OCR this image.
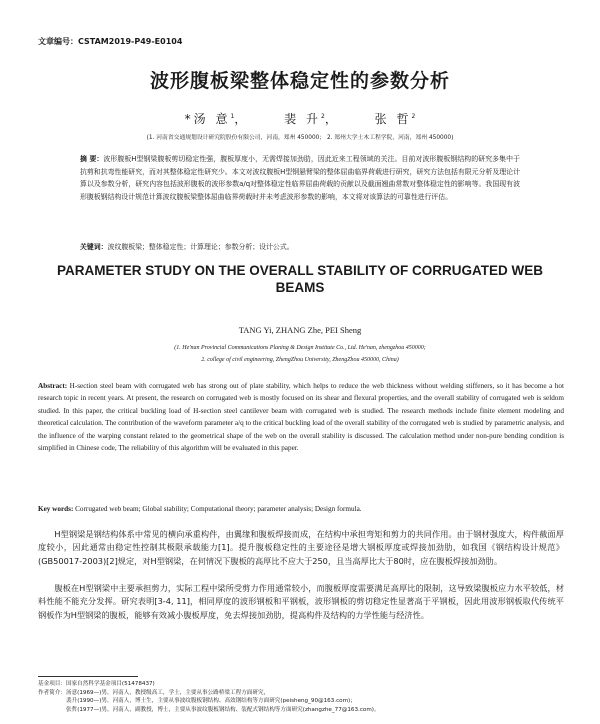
文章编号：CSTAM2019-P49-E0104
波形腹板梁整体稳定性的参数分析
*汤 意$^1$，	裴 升$^2$，	张 哲$^2$
(1. 河南省交通规划设计研究院股份有限公司，河南，郑州 450000； 2. 郑州大学土木工程学院，河南，郑州 450000)
摘 要：波形腹板H型钢梁腹板剪切稳定性强，腹板厚度小，无需焊接加劲肋，因此近来工程领域的关注。目前对波形腹板钢结构的研究多集中于抗剪和抗弯性能研究，而对其整体稳定性研究少。本文对波纹腹板H型钢悬臂梁的整体屈曲临界荷载进行研究，研究方法包括有限元分析及理论计算以及参数分析，研究内容包括波形腹板的波形参数a/q对整体稳定性临界屈曲荷载的贡献以及截面翘曲常数对整体稳定性的影响等。我国现有波形腹板钢结构设计规范计算波纹腹板梁整体屈曲临界荷载时并未考虑波形参数的影响，本文将对该算法的可靠性进行评估。
关键词：波纹腹板梁；整体稳定性；计算理论；参数分析；设计公式。
PARAMETER STUDY ON THE OVERALL STABILITY OF CORRUGATED WEB BEAMS
TANG Yi, ZHANG Zhe, PEI Sheng
(1. He'nan Provincial Communications Planing & Design Institute Co., Ltd. He'nan, zhengzhou 450000;
2. college of civil engineering, ZhengZhou University, ZhengZhou 450000, China)
Abstract: H-section steel beam with corrugated web has strong out of plate stability, which helps to reduce the web thickness without welding stiffeners, so it has become a hot research topic in recent years. At present, the research on corrugated web is mostly focused on its shear and flexural properties, and the overall stability of corrugated web is seldom studied. In this paper, the critical buckling load of H-section steel cantilever beam with corrugated web is studied. The research methods include finite element modeling and theoretical calculation. The contribution of the waveform parameter a/q to the critical buckling load of the overall stability of the corrugated web is studied by parametric analysis, and the influence of the warping constant related to the geometrical shape of the web on the overall stability is discussed. The calculation method under non-pure bending condition is simplified in Chinese code, The reliability of this algorithm will be evaluated in this paper.
Key words: Corrugated web beam; Global stability; Computational theory; parameter analysis; Design formula.
H型钢梁是钢结构体系中常见的横向承重构件，由翼缘和腹板焊接而成，在结构中承担弯矩和剪力的共同作用。由于钢材强度大，构件截面厚度较小，因此通常由稳定性控制其极限承载能力[1]。提升腹板稳定性的主要途径是增大钢板厚度或焊接加劲肋，如我国《钢结构设计规范》(GB50017-2003)[2]规定，对H型钢梁，在何情况下腹板的高厚比不应大于250，且当高厚比大于80时，应在腹板焊接加劲肋。
腹板在H型钢梁中主要承担剪力，实际工程中梁所受剪力作用通常较小，而腹板厚度需要满足高厚比的限制，这导致梁腹板应力水平较低，材料性能不能充分发挥。研究表明[3-4, 11]，相同厚度的波形钢板和平钢板，波形钢板的剪切稳定性显著高于平钢板，因此用波形钢板取代传统平钢板作为H型钢梁的腹板，能够有效减小腹板厚度，免去焊接加劲肋，提高构件及结构的力学性能与经济性。
基金项目：国家自然科学基金项目(51478437)
作者简介：汤意(1969—)男，河南人，教授级高工，学士，主要从事公路桥梁工程方面研究，
裴升(1990—)男，河南人，博士生，主要从事波纹腹板钢结构、高效钢结构等方面研究(peisheng_90@163.com)；
张哲(1977—)男，河南人，副教授，博士，主要从事波纹腹板钢结构、装配式钢结构等方面研究(zhangzhe_77@163.com)。
